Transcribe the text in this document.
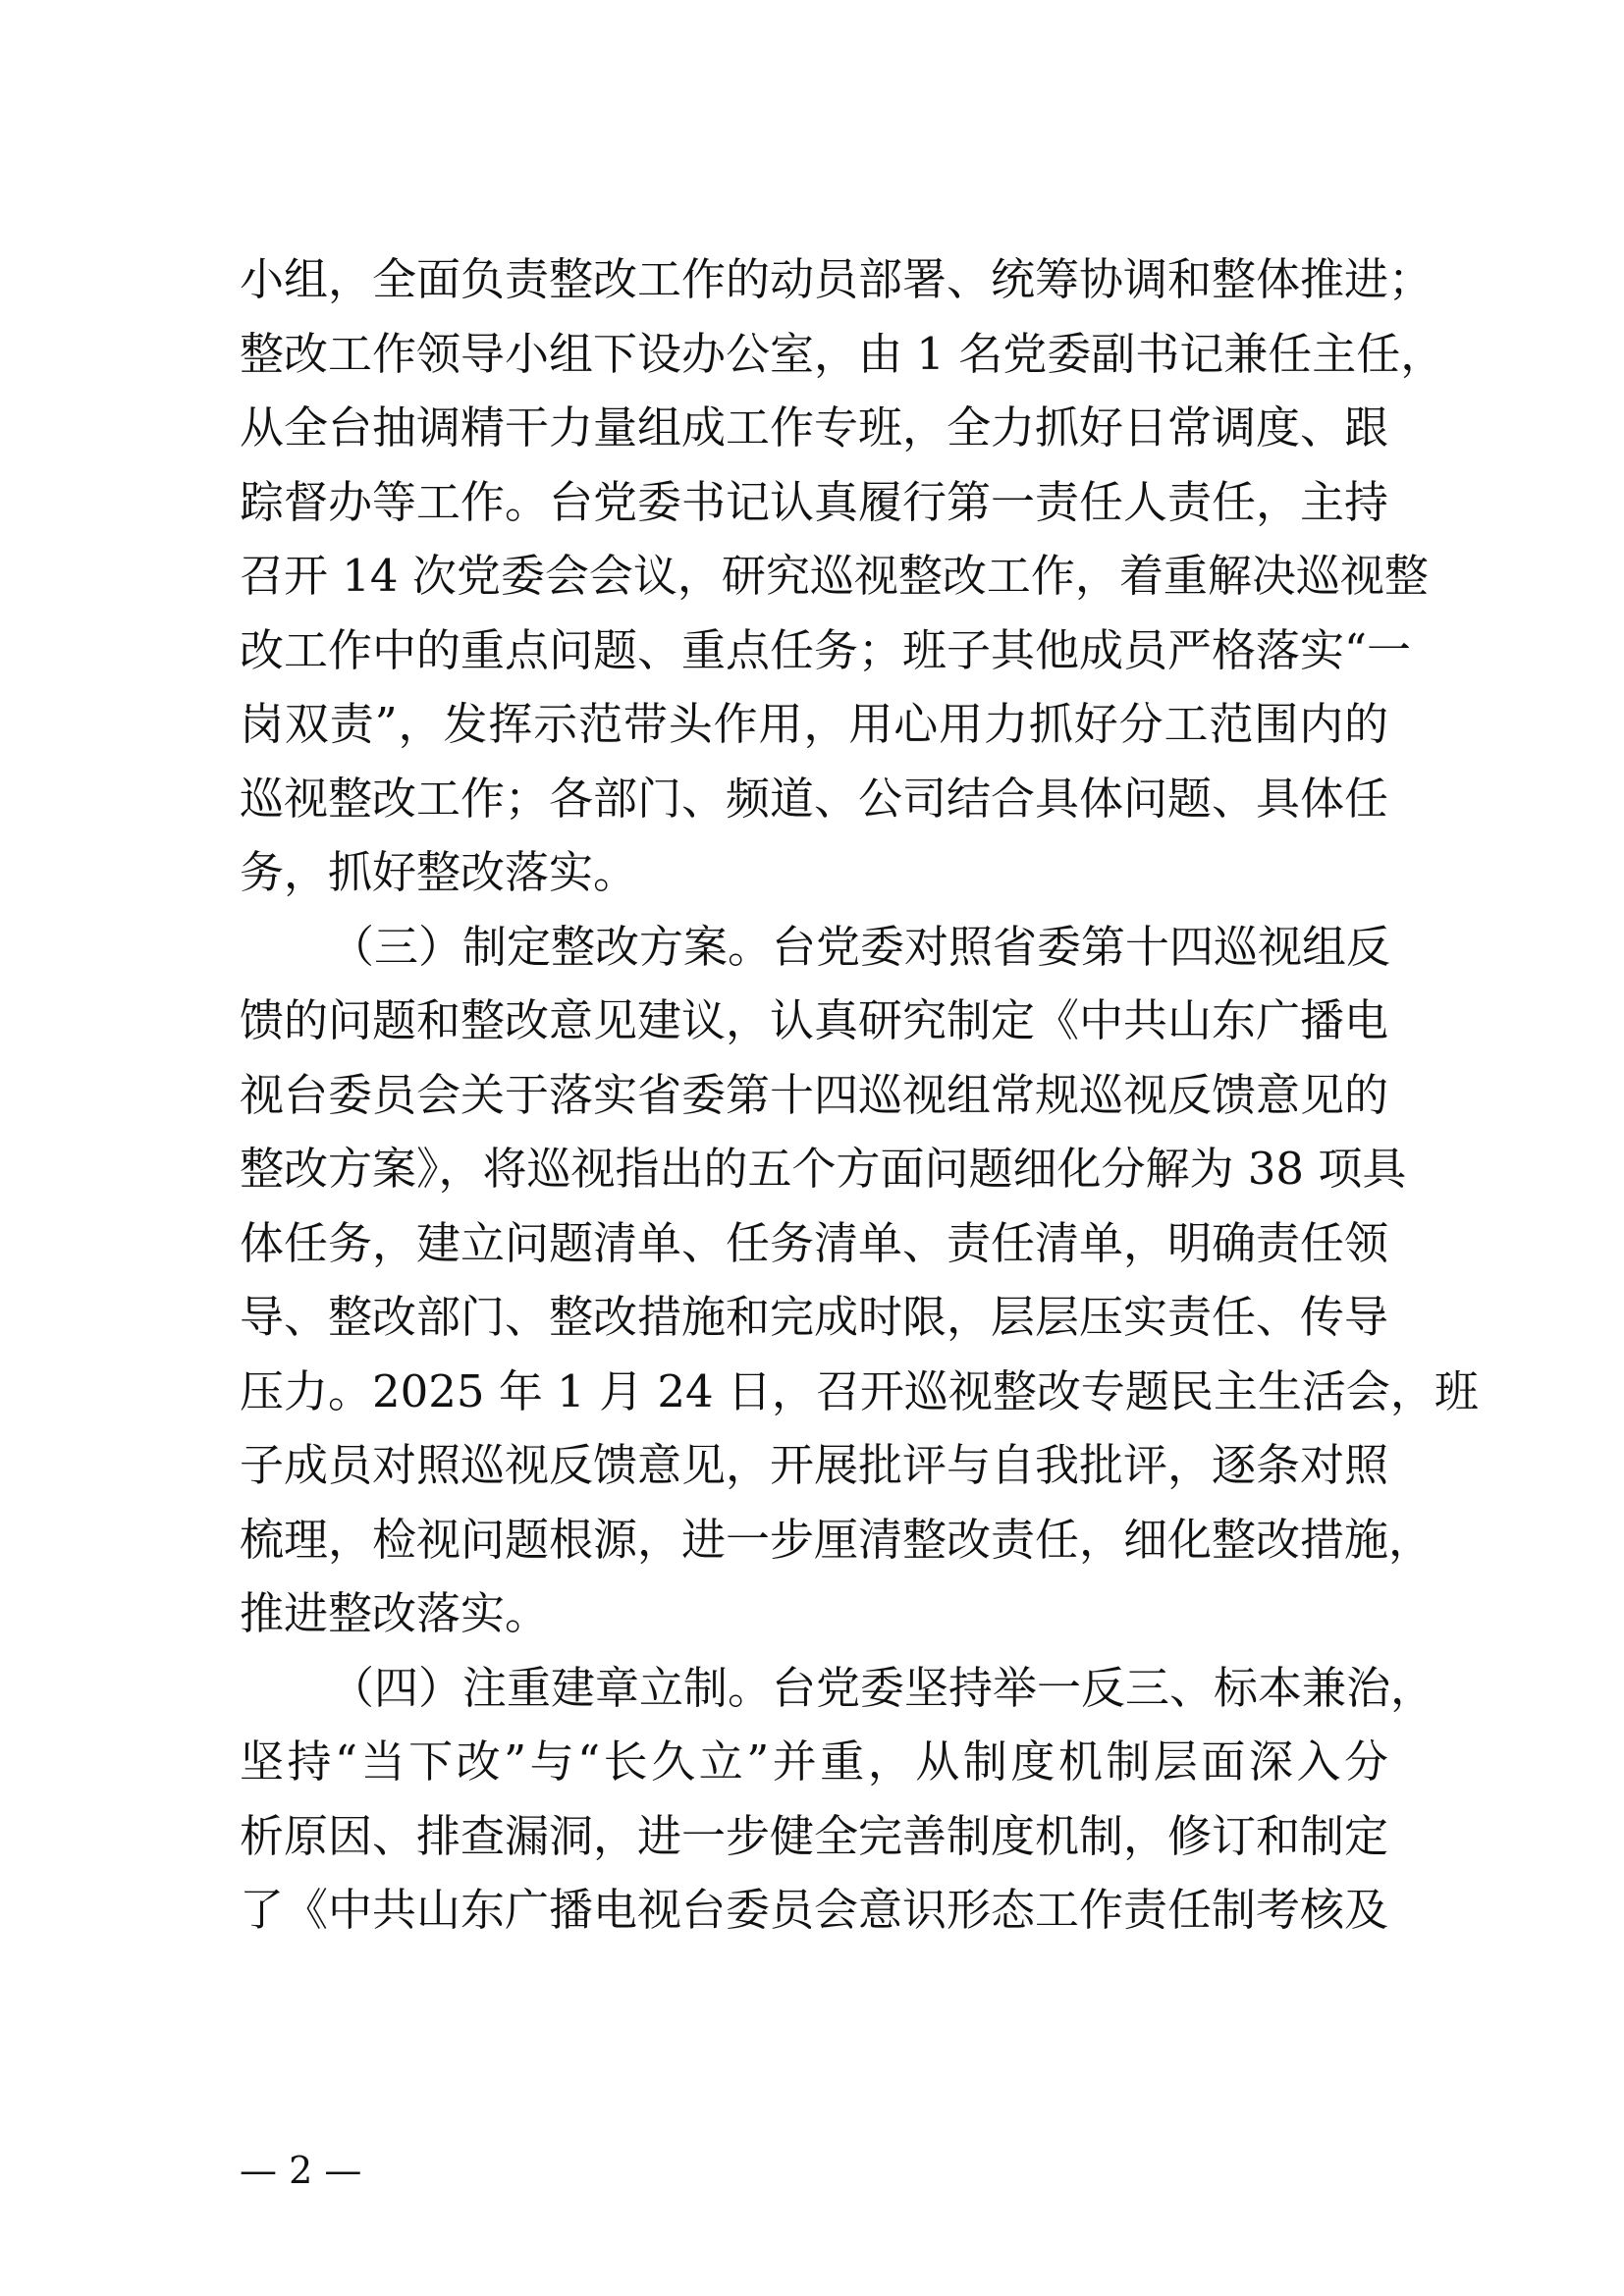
小组，全面负责整改工作的动员部署、统筹协调和整体推进；
整改工作领导小组下设办公室，由 1 名党委副书记兼任主任，
从全台抽调精干力量组成工作专班，全力抓好日常调度、跟
踪督办等工作。台党委书记认真履行第一责任人责任，主持
召开 14 次党委会会议，研究巡视整改工作，着重解决巡视整
改工作中的重点问题、重点任务；班子其他成员严格落实“一
岗双责”，发挥示范带头作用，用心用力抓好分工范围内的
巡视整改工作；各部门、频道、公司结合具体问题、具体任
务，抓好整改落实。
（三）制定整改方案。台党委对照省委第十四巡视组反
馈的问题和整改意见建议，认真研究制定《中共山东广播电
视台委员会关于落实省委第十四巡视组常规巡视反馈意见的
整改方案》，将巡视指出的五个方面问题细化分解为 38 项具
体任务，建立问题清单、任务清单、责任清单，明确责任领
导、整改部门、整改措施和完成时限，层层压实责任、传导
压力。2025 年 1 月 24 日，召开巡视整改专题民主生活会，班
子成员对照巡视反馈意见，开展批评与自我批评，逐条对照
梳理，检视问题根源，进一步厘清整改责任，细化整改措施，
推进整改落实。
（四）注重建章立制。台党委坚持举一反三、标本兼治，
坚持“当下改”与“长久立”并重，从制度机制层面深入分
析原因、排查漏洞，进一步健全完善制度机制，修订和制定
了《中共山东广播电视台委员会意识形态工作责任制考核及
— 2 —
